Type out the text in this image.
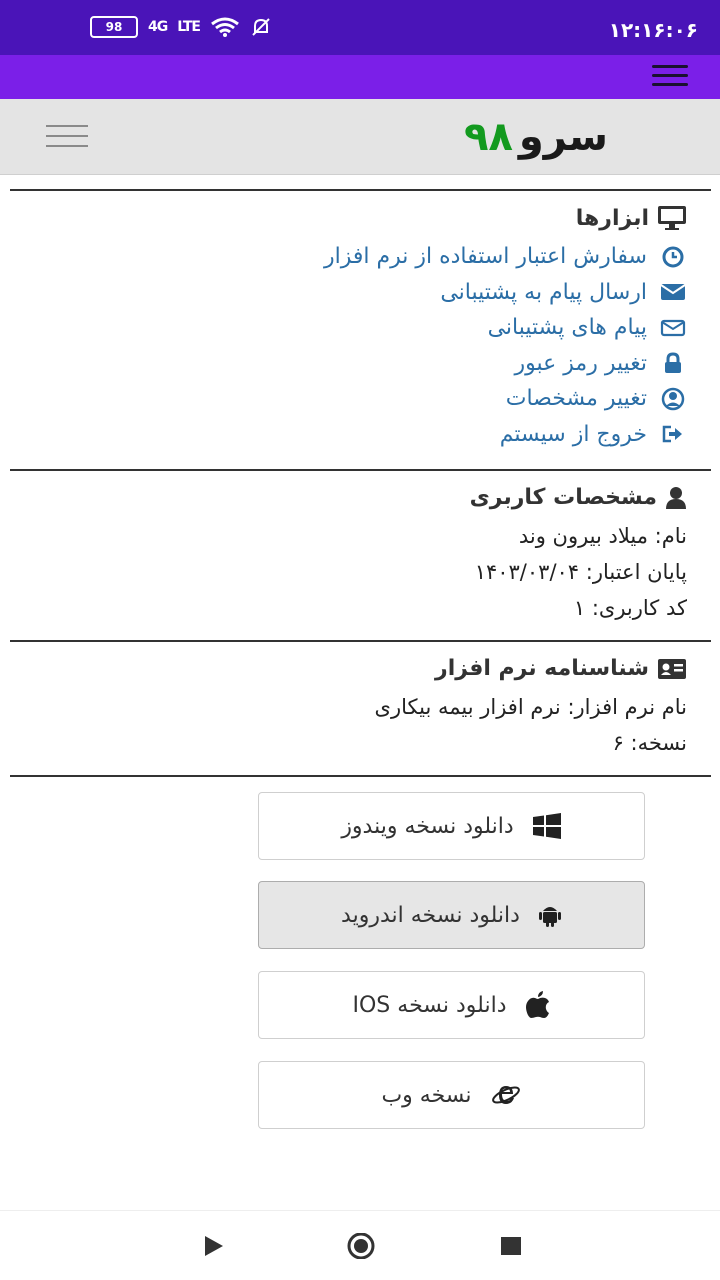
98	4G LTE	۱۲:۱۶:۰۶
سرو۹۸
ابزارها
سفارش اعتبار استفاده از نرم افزار
ارسال پیام به پشتیبانی
پیام های پشتیبانی
تغییر رمز عبور
تغییر مشخصات
خروج از سیستم
مشخصات کاربری
نام: میلاد بیرون وند
پایان اعتبار: ۱۴۰۳/۰۳/۰۴
کد کاربری: ۱
شناسنامه نرم افزار
نام نرم افزار: نرم افزار بیمه بیکاری
نسخه: ۶
دانلود نسخه ویندوز
دانلود نسخه اندروید
دانلود نسخه IOS
نسخه وب
